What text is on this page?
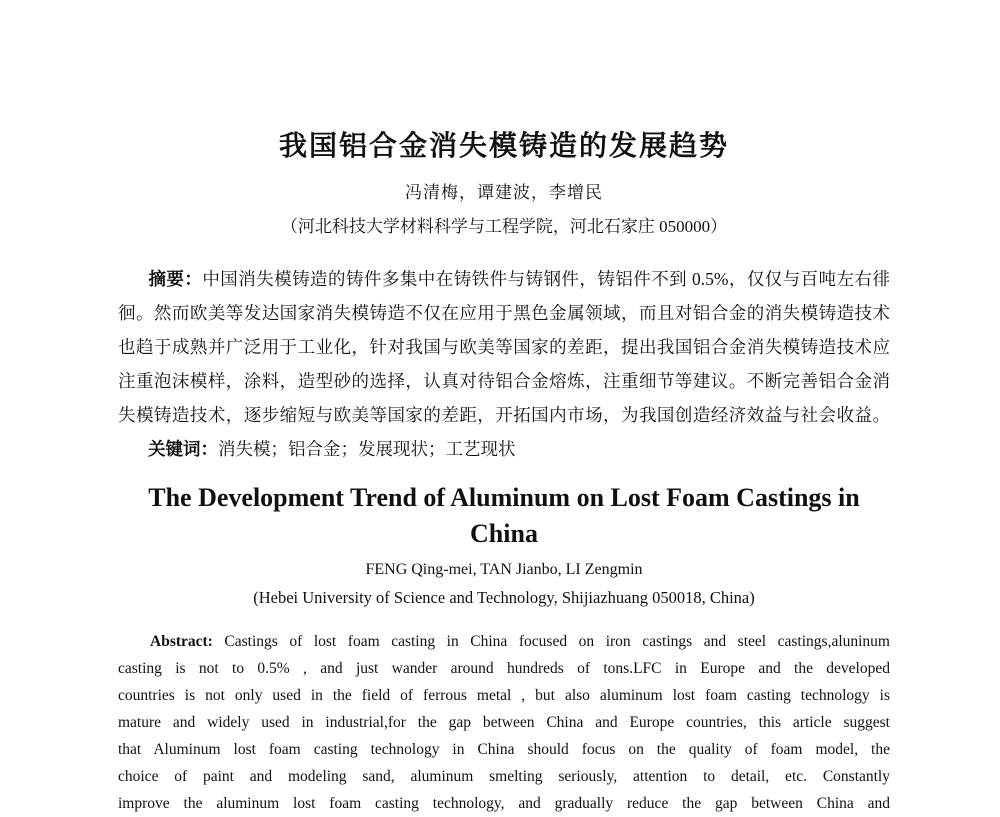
我国铝合金消失模铸造的发展趋势
冯清梅，谭建波，李增民
（河北科技大学材料科学与工程学院，河北石家庄 050000）
摘要：中国消失模铸造的铸件多集中在铸铁件与铸钢件，铸铝件不到 0.5%，仅仅与百吨左右徘
徊。然而欧美等发达国家消失模铸造不仅在应用于黑色金属领域，而且对铝合金的消失模铸造技术
也趋于成熟并广泛用于工业化，针对我国与欧美等国家的差距，提出我国铝合金消失模铸造技术应
注重泡沫模样，涂料，造型砂的选择，认真对待铝合金熔炼，注重细节等建议。不断完善铝合金消
失模铸造技术，逐步缩短与欧美等国家的差距，开拓国内市场，为我国创造经济效益与社会收益。
关键词：消失模；铝合金；发展现状；工艺现状
The Development Trend of Aluminum on Lost Foam Castings in China
FENG Qing-mei, TAN Jianbo, LI Zengmin
(Hebei University of Science and Technology, Shijiazhuang 050018, China)
Abstract: Castings of lost foam casting in China focused on iron castings and steel castings,aluninum
casting is not to 0.5% , and just wander around hundreds of tons.LFC in Europe and the developed
countries is not only used in the field of ferrous metal , but also aluminum lost foam casting technology is
mature and widely used in industrial,for the gap between China and Europe countries, this article suggest
that Aluminum lost foam casting technology in China should focus on the quality of foam model, the
choice of paint and modeling sand, aluminum smelting seriously, attention to detail, etc. Constantly
improve the aluminum lost foam casting technology, and gradually reduce the gap between China and
